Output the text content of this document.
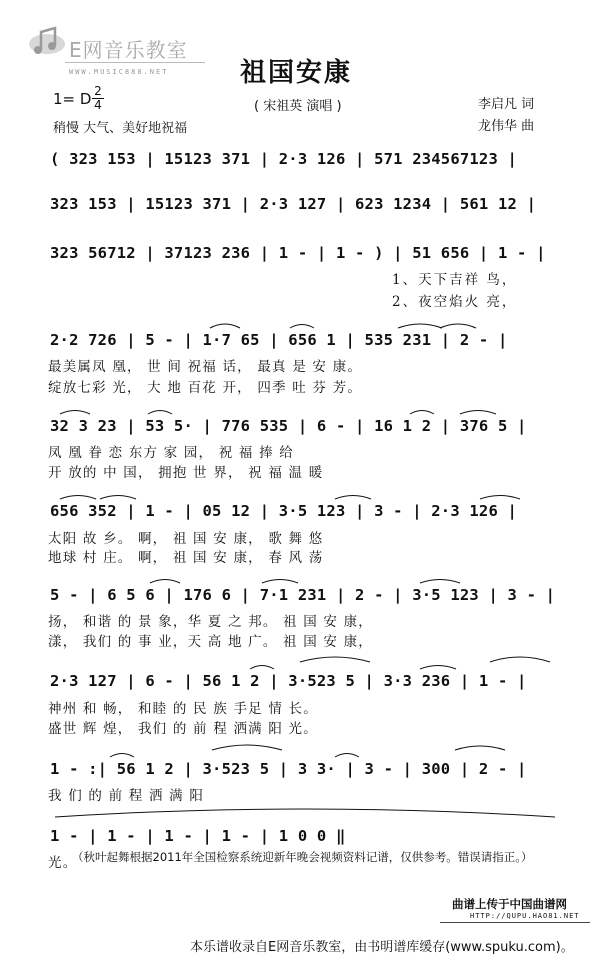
E网音乐教室
WWW.MUSIC888.NET	祖国安康
1= D 2
4	( 宋祖英 演唱 )
稍慢 大气、美好地祝福
李启凡 词
龙伟华 曲
( 323 153 | 15123 371 | 2·3 126 | 571 234567123 |
323 153 | 15123 371 | 2·3 127 | 623 1234 | 561 12 |
323 56712 | 37123 236 | 1 - | 1 - ) | 51 656 | 1 - |
1、天下吉祥 鸟，
2、夜空焰火 亮，
2·2 726 | 5 - | 1·7 65 | 656 1 | 535 231 | 2 - |
最美属凤 凰， 世 间 祝福 话， 最真 是 安 康。
绽放七彩 光， 大 地 百花 开， 四季 吐 芬 芳。
32 3 23 | 53 5· | 776 535 | 6 - | 16 1 2 | 376 5 |
凤 凰 眷 恋 东方 家 园， 祝 福 捧 给
开 放的 中 国， 拥抱 世 界， 祝 福 温 暖
656 352 | 1 - | 05 12 | 3·5 123 | 3 - | 2·3 126 |
太阳 故 乡。 啊， 祖 国 安 康， 歌 舞 悠
地球 村 庄。 啊， 祖 国 安 康， 春 风 荡
5 - | 6 5 6 | 176 6 | 7·1 231 | 2 - | 3·5 123 | 3 - |
扬， 和谐 的 景 象，华 夏 之 邦。 祖 国 安 康，
漾， 我们 的 事 业，天 高 地 广。 祖 国 安 康，
2·3 127 | 6 - | 56 1 2 | 3·523 5 | 3·3 236 | 1 - |
神州 和 畅， 和睦 的 民 族 手足 情 长。
盛世 辉 煌， 我们 的 前 程 洒满 阳 光。
1 - :| 56 1 2 | 3·523 5 | 3 3· | 3 - | 300 | 2 - |
我 们 的 前 程 洒 满 阳
1 - | 1 - | 1 - | 1 - | 1 0 0 ‖
光。
（秋叶起舞根据2011年全国检察系统迎新年晚会视频资料记谱，仅供参考。错误请指正。）
曲谱上传于中国曲谱网
HTTP://QUPU.HAO81.NET
本乐谱收录自E网音乐教室，由书明谱库缓存(www.spuku.com)。
